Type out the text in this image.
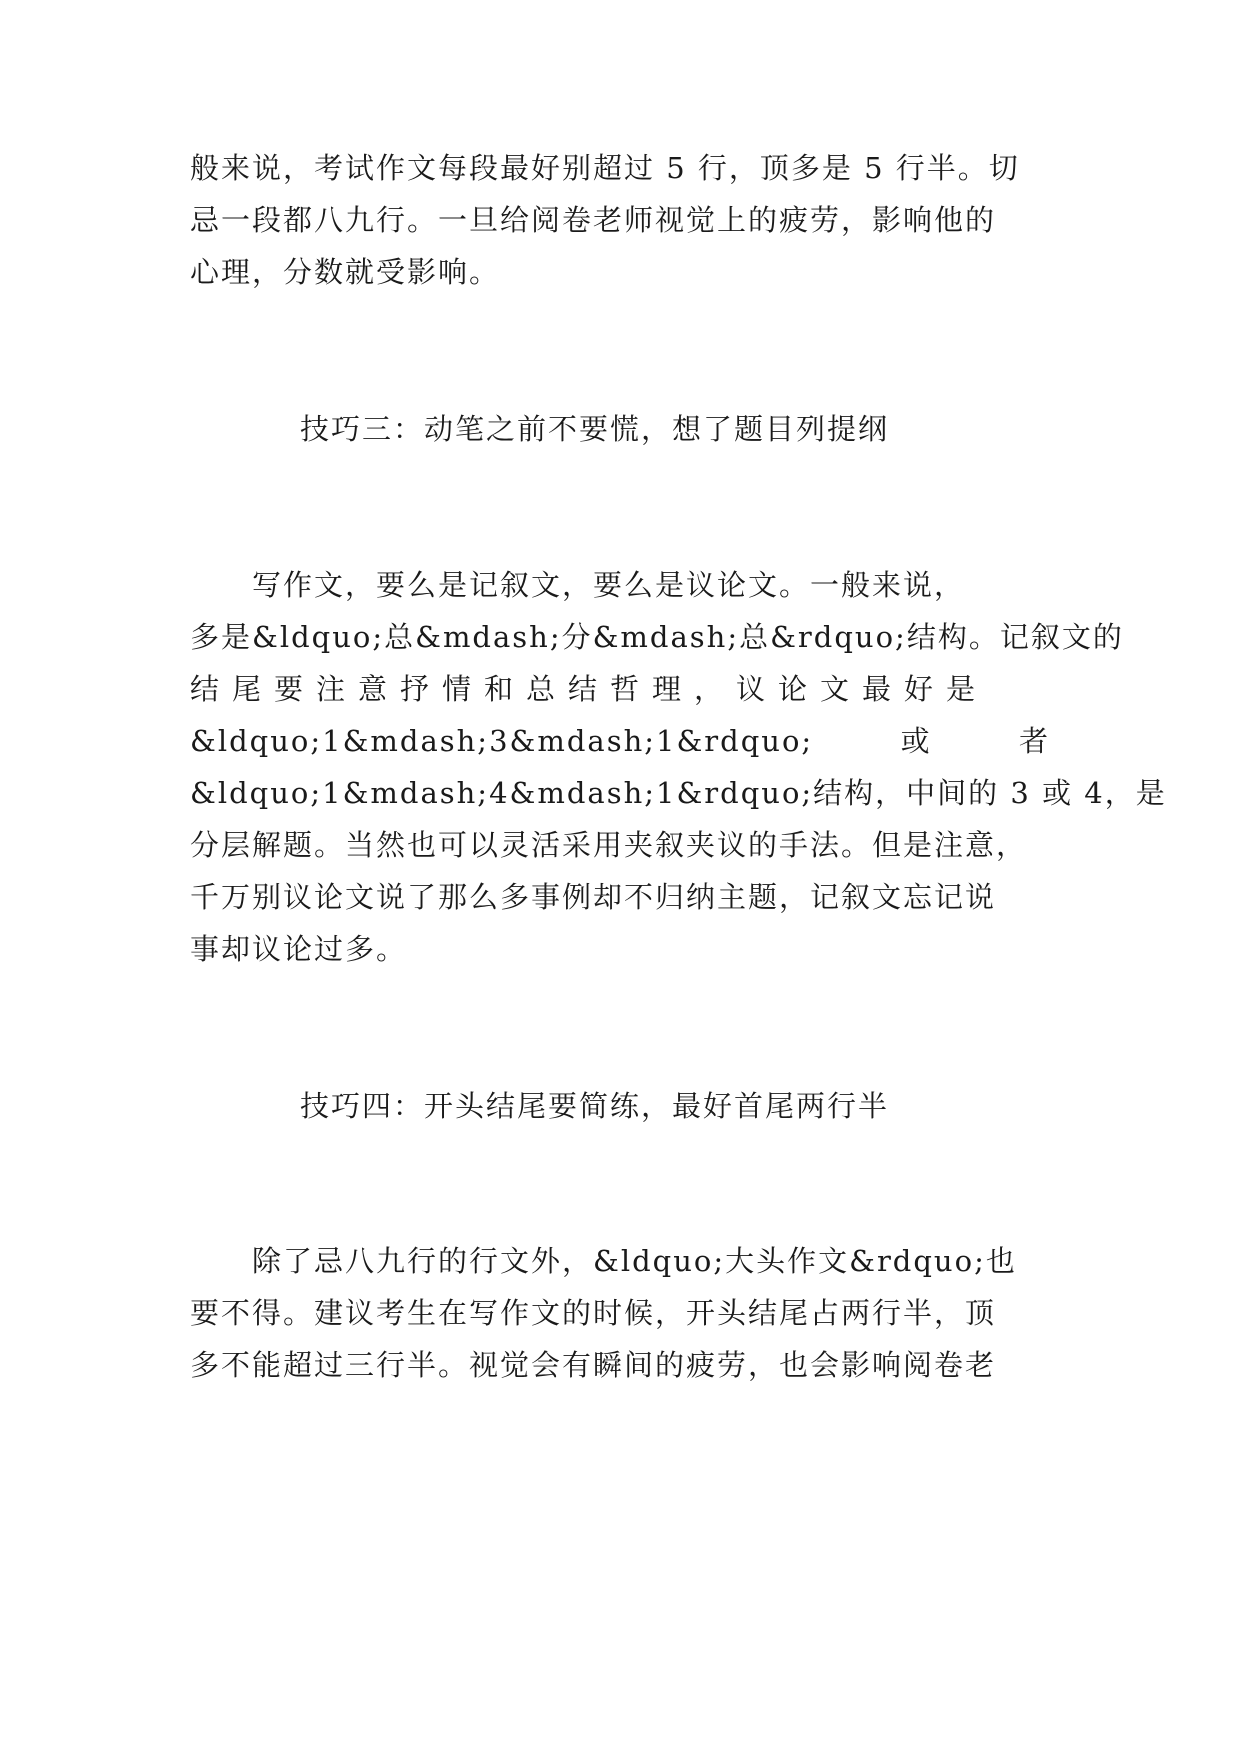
般来说，考试作文每段最好别超过 5 行，顶多是 5 行半。切
忌一段都八九行。一旦给阅卷老师视觉上的疲劳，影响他的
心理，分数就受影响。
技巧三：动笔之前不要慌，想了题目列提纲
　　写作文，要么是记叙文，要么是议论文。一般来说，
多是&ldquo;总&mdash;分&mdash;总&rdquo;结构。记叙文的
结尾要注意抒情和总结哲理，议论文最好是
&ldquo;1&mdash;3&mdash;1&rdquo;	或	者
&ldquo;1&mdash;4&mdash;1&rdquo;结构，中间的 3 或 4，是
分层解题。当然也可以灵活采用夹叙夹议的手法。但是注意，
千万别议论文说了那么多事例却不归纳主题，记叙文忘记说
事却议论过多。
技巧四：开头结尾要简练，最好首尾两行半
　　除了忌八九行的行文外，&ldquo;大头作文&rdquo;也
要不得。建议考生在写作文的时候，开头结尾占两行半，顶
多不能超过三行半。视觉会有瞬间的疲劳，也会影响阅卷老
